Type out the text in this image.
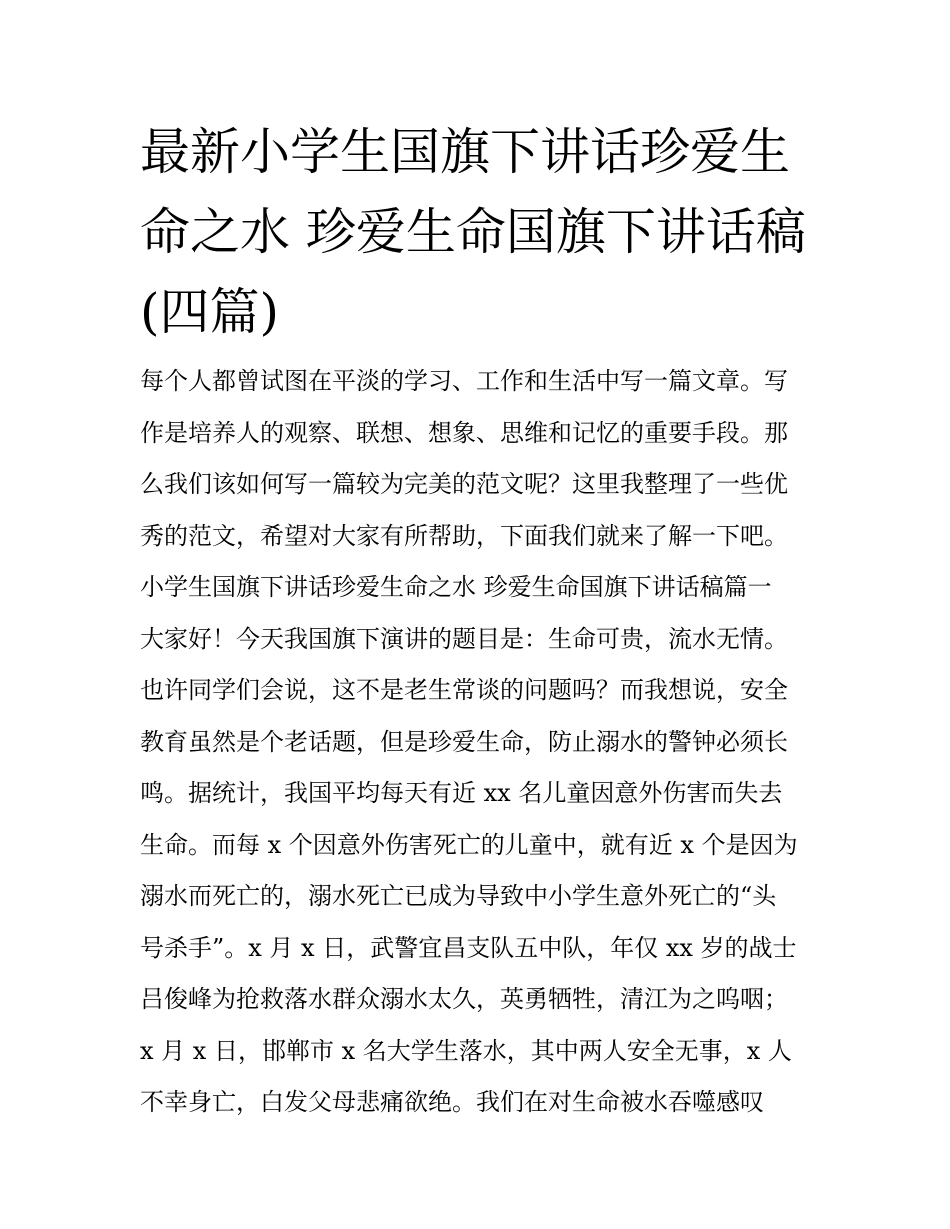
最新小学生国旗下讲话珍爱生
命之水 珍爱生命国旗下讲话稿
(四篇)
每个人都曾试图在平淡的学习、工作和生活中写一篇文章。写
作是培养人的观察、联想、想象、思维和记忆的重要手段。那
么我们该如何写一篇较为完美的范文呢？这里我整理了一些优
秀的范文，希望对大家有所帮助，下面我们就来了解一下吧。
小学生国旗下讲话珍爱生命之水 珍爱生命国旗下讲话稿篇一
大家好！今天我国旗下演讲的题目是：生命可贵，流水无情。
也许同学们会说，这不是老生常谈的问题吗？而我想说，安全
教育虽然是个老话题，但是珍爱生命，防止溺水的警钟必须长
鸣。据统计，我国平均每天有近 xx 名儿童因意外伤害而失去
生命。而每 x 个因意外伤害死亡的儿童中，就有近 x 个是因为
溺水而死亡的，溺水死亡已成为导致中小学生意外死亡的“头
号杀手”。x 月 x 日，武警宜昌支队五中队，年仅 xx 岁的战士
吕俊峰为抢救落水群众溺水太久，英勇牺牲，清江为之呜咽；
x 月 x 日，邯郸市 x 名大学生落水，其中两人安全无事，x 人
不幸身亡，白发父母悲痛欲绝。我们在对生命被水吞噬感叹
